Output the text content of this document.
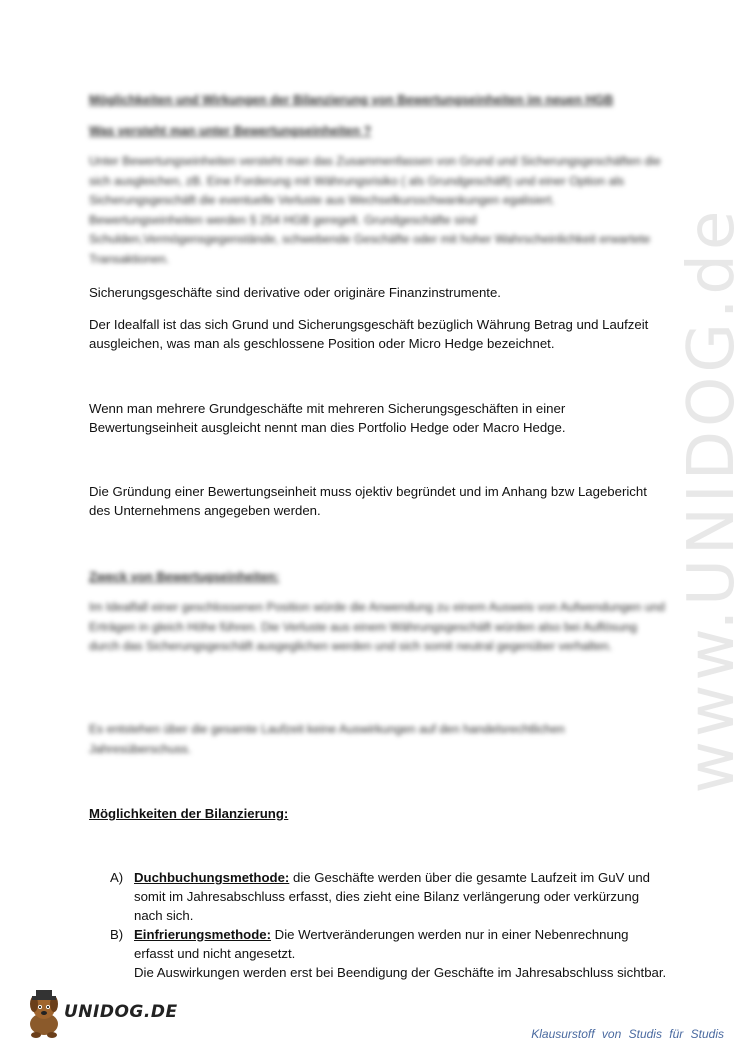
www.UNIDOG.de

Möglichkeiten und Wirkungen der Bilanzierung von Bewertungseinheiten im neuen HGB

Was versteht man unter Bewertungseinheiten ?

Unter Bewertungseinheiten versteht man das Zusammenfassen von Grund und Sicherungsgeschäften die sich ausgleichen, zB. Eine Forderung mit Währungsrisiko ( als Grundgeschäft) und einer Option als Sicherungsgeschäft die eventuelle Verluste aus Wechselkursschwankungen egalisiert. Bewertungseinheiten werden § 254 HGB geregelt. Grundgeschäfte sind Schulden,Vermögensgegenstände, schwebende Geschäfte oder mit hoher Wahrscheinlichkeit erwartete Transaktionen.

Sicherungsgeschäfte sind derivative oder originäre Finanzinstrumente.

Der Idealfall ist das sich Grund und Sicherungsgeschäft bezüglich Währung Betrag und Laufzeit ausgleichen, was man als geschlossene Position oder Micro Hedge bezeichnet.

Wenn man mehrere Grundgeschäfte mit mehreren Sicherungsgeschäften in einer Bewertungseinheit ausgleicht nennt man dies Portfolio Hedge oder Macro Hedge.

Die Gründung einer Bewertungseinheit muss ojektiv begründet und im Anhang bzw Lagebericht des Unternehmens angegeben werden.

Zweck von Bewertugseinheiten:

Im Idealfall einer geschlossenen Position würde die Anwendung zu einem Ausweis von Aufwendungen und Erträgen in gleich Höhe führen. Die Verluste aus einem Währungsgeschäft würden also bei Auflösung durch das Sicherungsgeschäft ausgeglichen werden und sich somit neutral gegenüber verhalten.

Es entstehen über die gesamte Laufzeit keine Auswirkungen auf den handelsrechtlichen Jahresüberschuss.

Möglichkeiten der Bilanzierung:

A) Duchbuchungsmethode: die Geschäfte werden über die gesamte Laufzeit im GuV und somit im Jahresabschluss erfasst, dies zieht eine Bilanz verlängerung oder verkürzung nach sich.
B) Einfrierungsmethode: Die Wertveränderungen werden nur in einer Nebenrechnung erfasst und nicht angesetzt.
Die Auswirkungen werden erst bei Beendigung der Geschäfte im Jahresabschluss sichtbar.
UNIDOG.DE
Klausurstoff von Studis für Studis
